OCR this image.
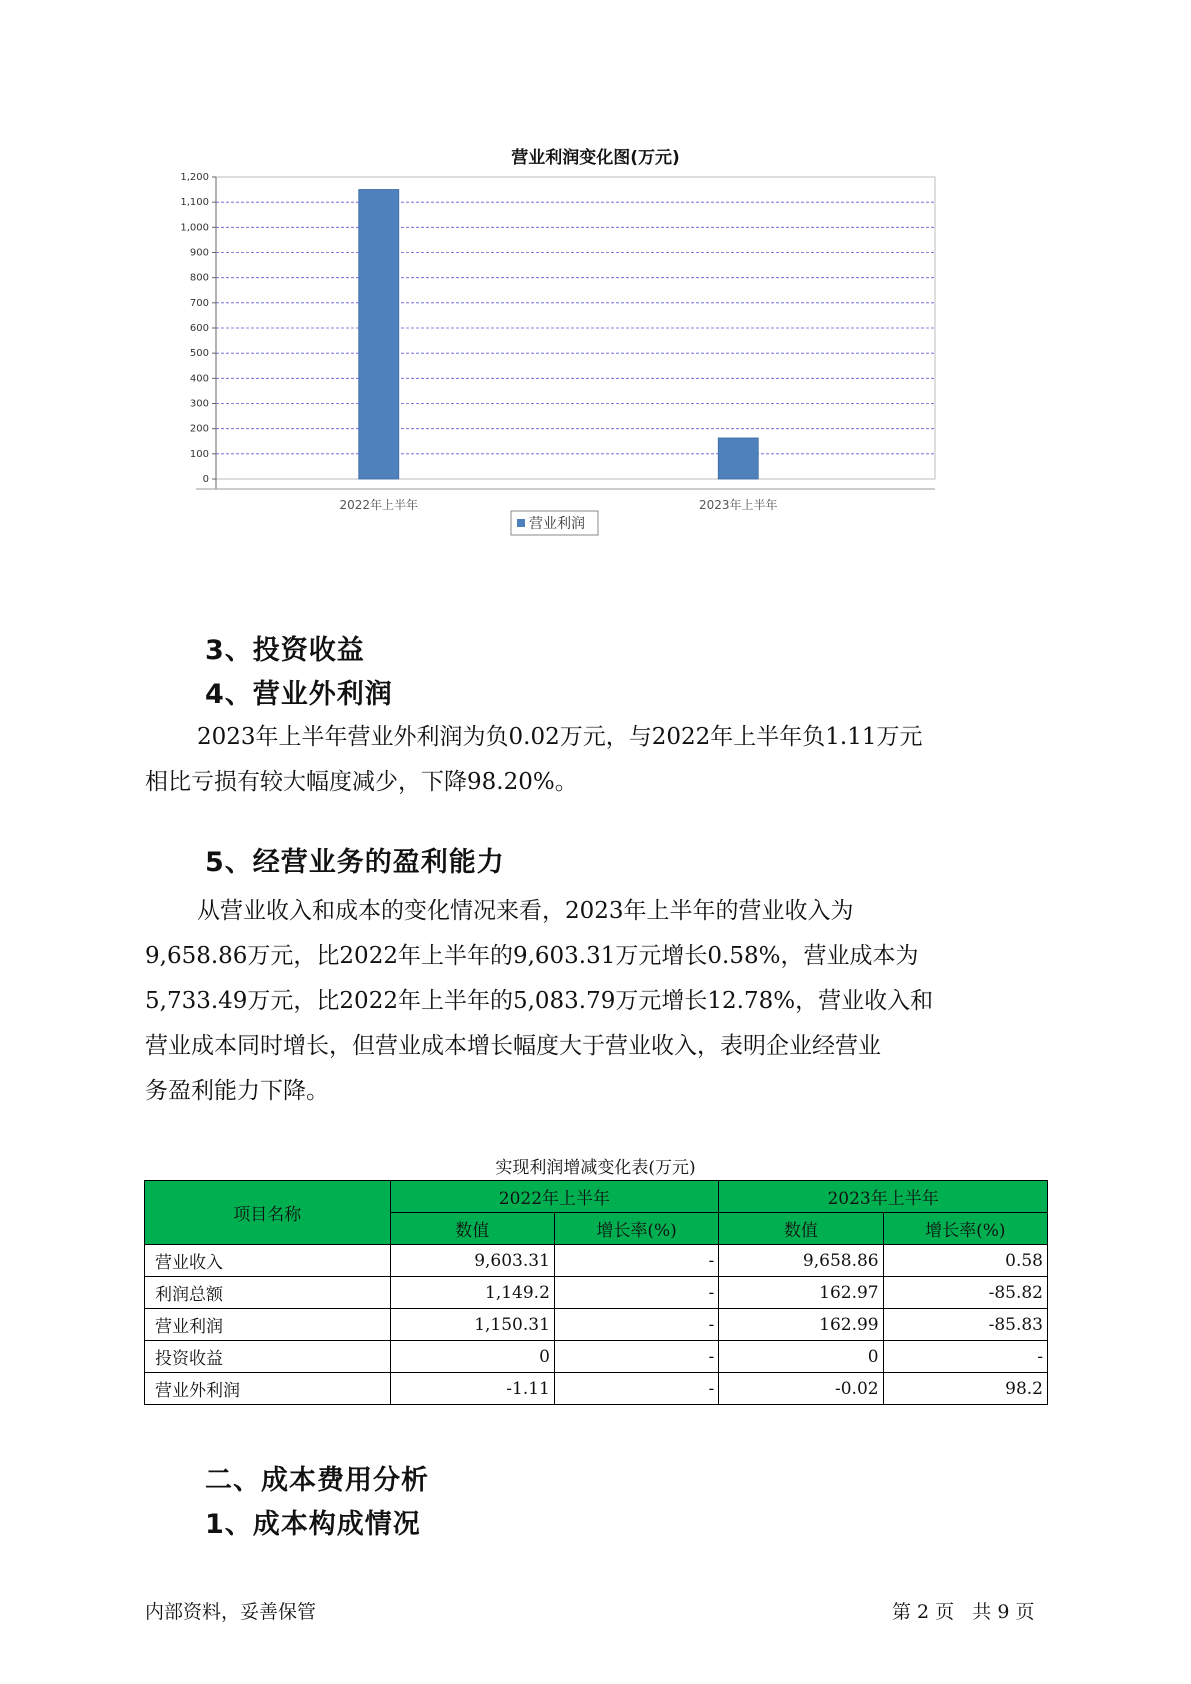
营业利润变化图(万元)
0
100
200
300
400
500
600
700
800
900
1,000
1,100
1,200
2022年上半年	2023年上半年
营业利润
3、投资收益
4、营业外利润
2023年上半年营业外利润为负0.02万元，与2022年上半年负1.11万元
相比亏损有较大幅度减少，下降98.20%。
5、经营业务的盈利能力
从营业收入和成本的变化情况来看，2023年上半年的营业收入为
9,658.86万元，比2022年上半年的9,603.31万元增长0.58%，营业成本为
5,733.49万元，比2022年上半年的5,083.79万元增长12.78%，营业收入和
营业成本同时增长，但营业成本增长幅度大于营业收入，表明企业经营业
务盈利能力下降。
实现利润增减变化表(万元)
项目名称	2022年上半年		2023年上半年	
	数值	增长率(%)	数值	增长率(%)
营业收入	9,603.31	-	9,658.86	0.58
利润总额	1,149.2	-	162.97	-85.82
营业利润	1,150.31	-	162.99	-85.83
投资收益	0	-	0	-
营业外利润	-1.11	-	-0.02	98.2
二、成本费用分析
1、成本构成情况
内部资料，妥善保管	第 2 页   共 9 页
